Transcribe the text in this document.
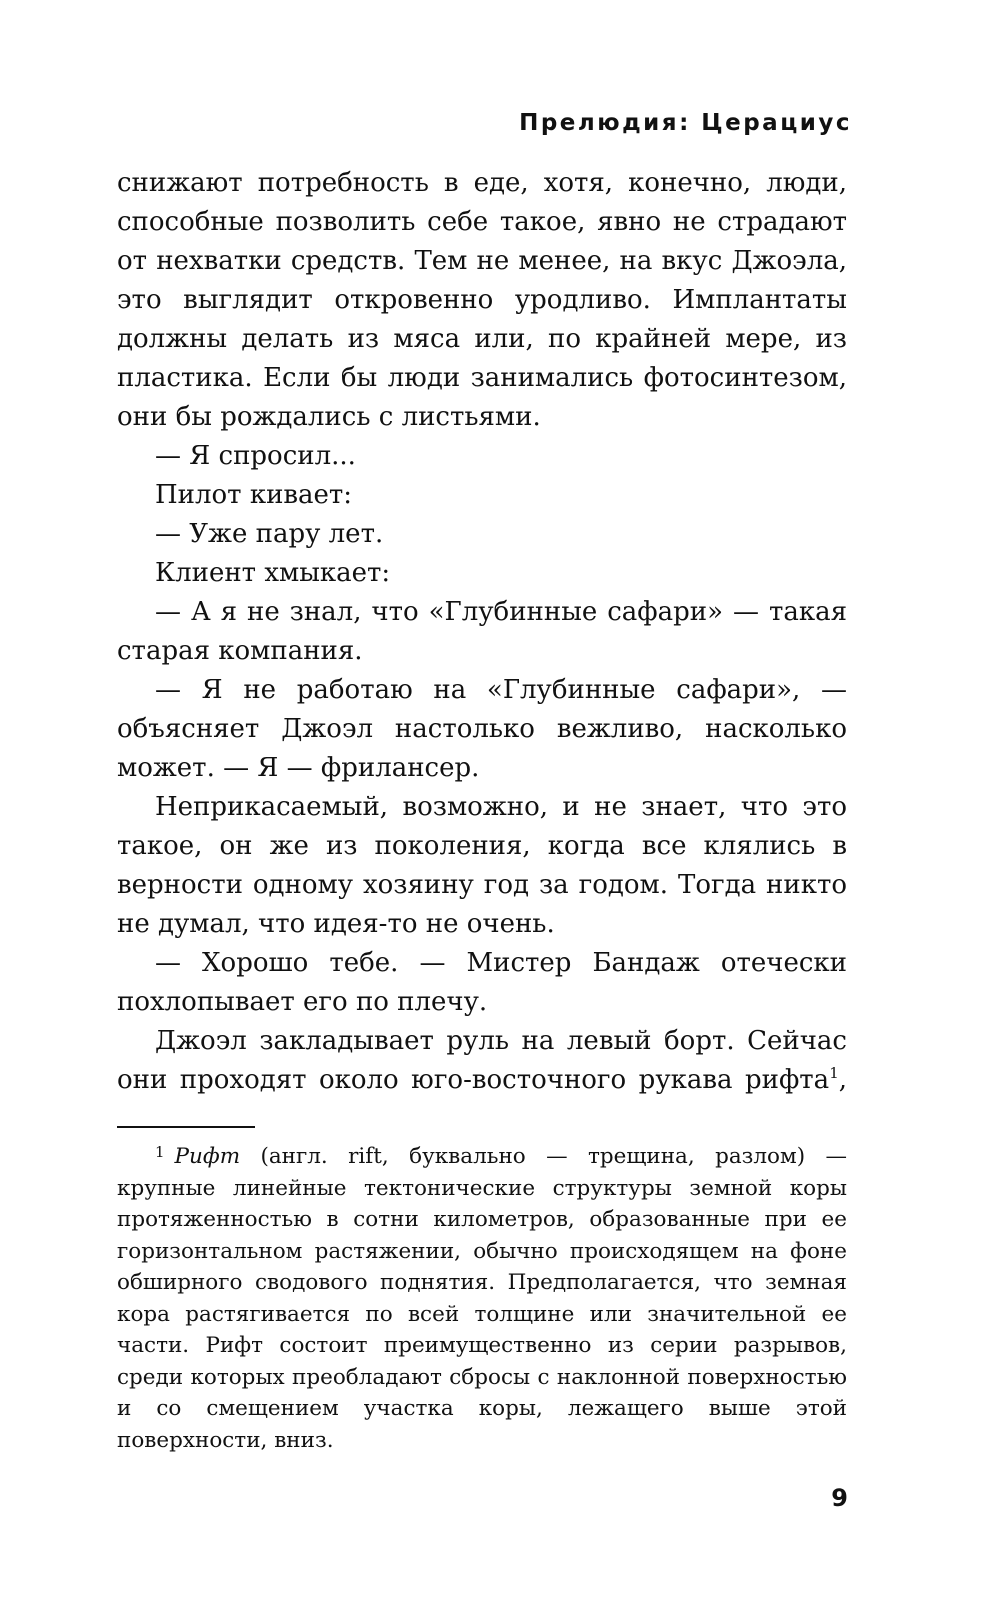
Прелюдия: Церациус

снижают потребность в еде, хотя, конечно, люди, способные позволить себе такое, явно не страдают от нехватки средств. Тем не менее, на вкус Джоэла, это выглядит откровенно уродливо. Имплантаты должны делать из мяса или, по крайней мере, из пластика. Если бы люди занимались фотосинтезом, они бы рождались с листьями.

— Я спросил...

Пилот кивает:

— Уже пару лет.

Клиент хмыкает:

— А я не знал, что «Глубинные сафари» — такая старая компания.

— Я не работаю на «Глубинные сафари», — объясняет Джоэл настолько вежливо, насколько может. — Я — фрилансер.

Неприкасаемый, возможно, и не знает, что это такое, он же из поколения, когда все клялись в верности одному хозяину год за годом. Тогда никто не думал, что идея-то не очень.

— Хорошо тебе. — Мистер Бандаж отечески похлопывает его по плечу.

Джоэл закладывает руль на левый борт. Сейчас они проходят около юго-восточного рукава рифта$^1$,

$^1$ Рифт (англ. rift, буквально — трещина, разлом) — крупные линейные тектонические структуры земной коры протяженностью в сотни километров, образованные при ее горизонтальном растяжении, обычно происходящем на фоне обширного сводового поднятия. Предполагается, что земная кора растягивается по всей толщине или значительной ее части. Рифт состоит преимущественно из серии разрывов, среди которых преобладают сбросы с наклонной поверхностью и со смещением участка коры, лежащего выше этой поверхности, вниз.

9
